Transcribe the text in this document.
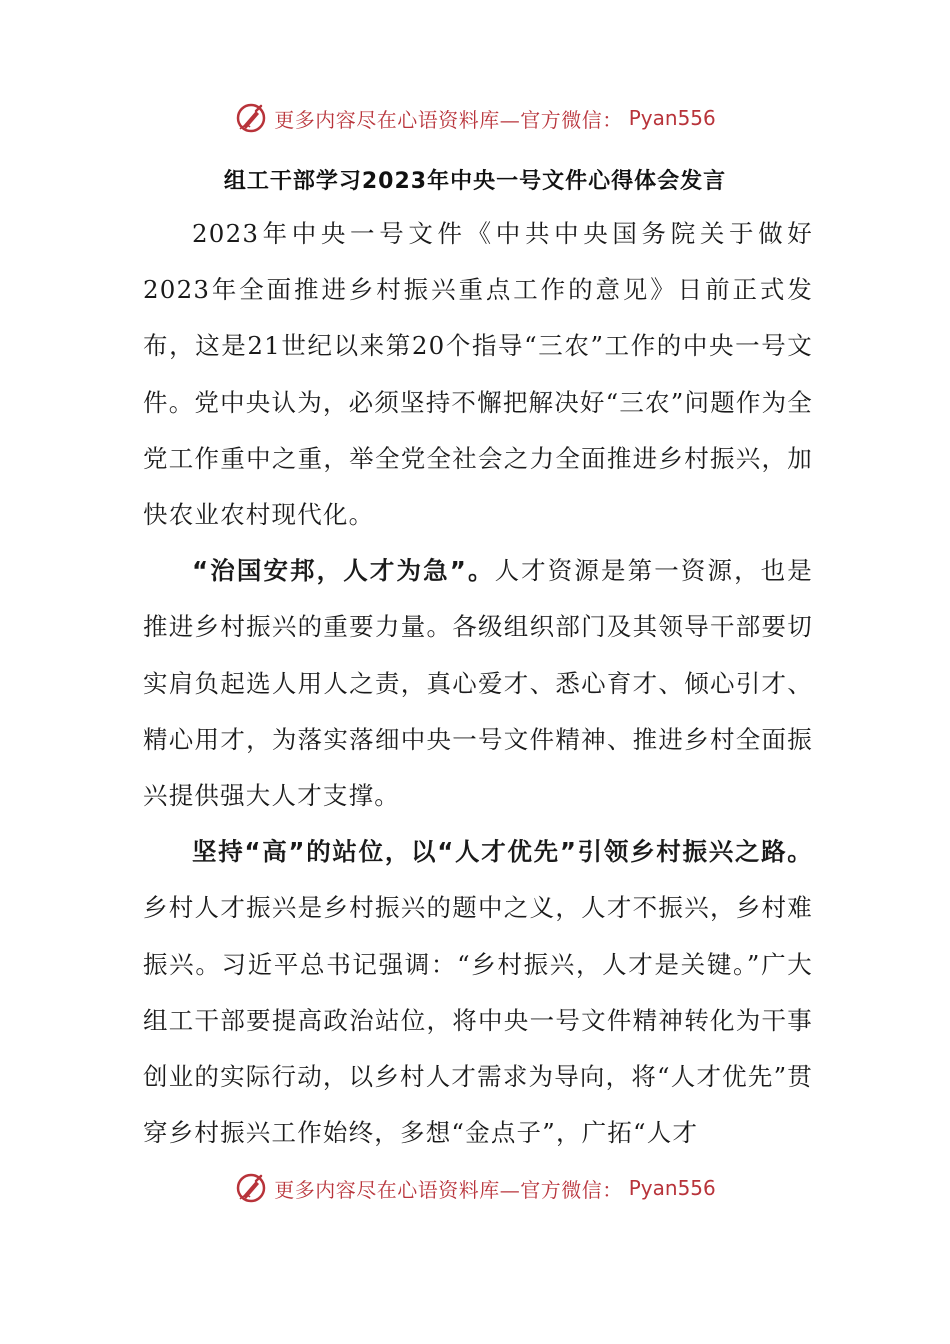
更多内容尽在心语资料库—官方微信： Pyan556
组工干部学习2023年中央一号文件心得体会发言

2023年中央一号文件《中共中央国务院关于做好2023年全面推进乡村振兴重点工作的意见》日前正式发布，这是21世纪以来第20个指导“三农”工作的中央一号文件。党中央认为，必须坚持不懈把解决好“三农”问题作为全党工作重中之重，举全党全社会之力全面推进乡村振兴，加快农业农村现代化。

“治国安邦，人才为急”。人才资源是第一资源，也是推进乡村振兴的重要力量。各级组织部门及其领导干部要切实肩负起选人用人之责，真心爱才、悉心育才、倾心引才、精心用才，为落实落细中央一号文件精神、推进乡村全面振兴提供强大人才支撑。

坚持“高”的站位，以“人才优先”引领乡村振兴之路。乡村人才振兴是乡村振兴的题中之义，人才不振兴，乡村难振兴。习近平总书记强调：“乡村振兴，人才是关键。”广大组工干部要提高政治站位，将中央一号文件精神转化为干事创业的实际行动，以乡村人才需求为导向，将“人才优先”贯穿乡村振兴工作始终，多想“金点子”，广拓“人才

更多内容尽在心语资料库—官方微信： Pyan556
